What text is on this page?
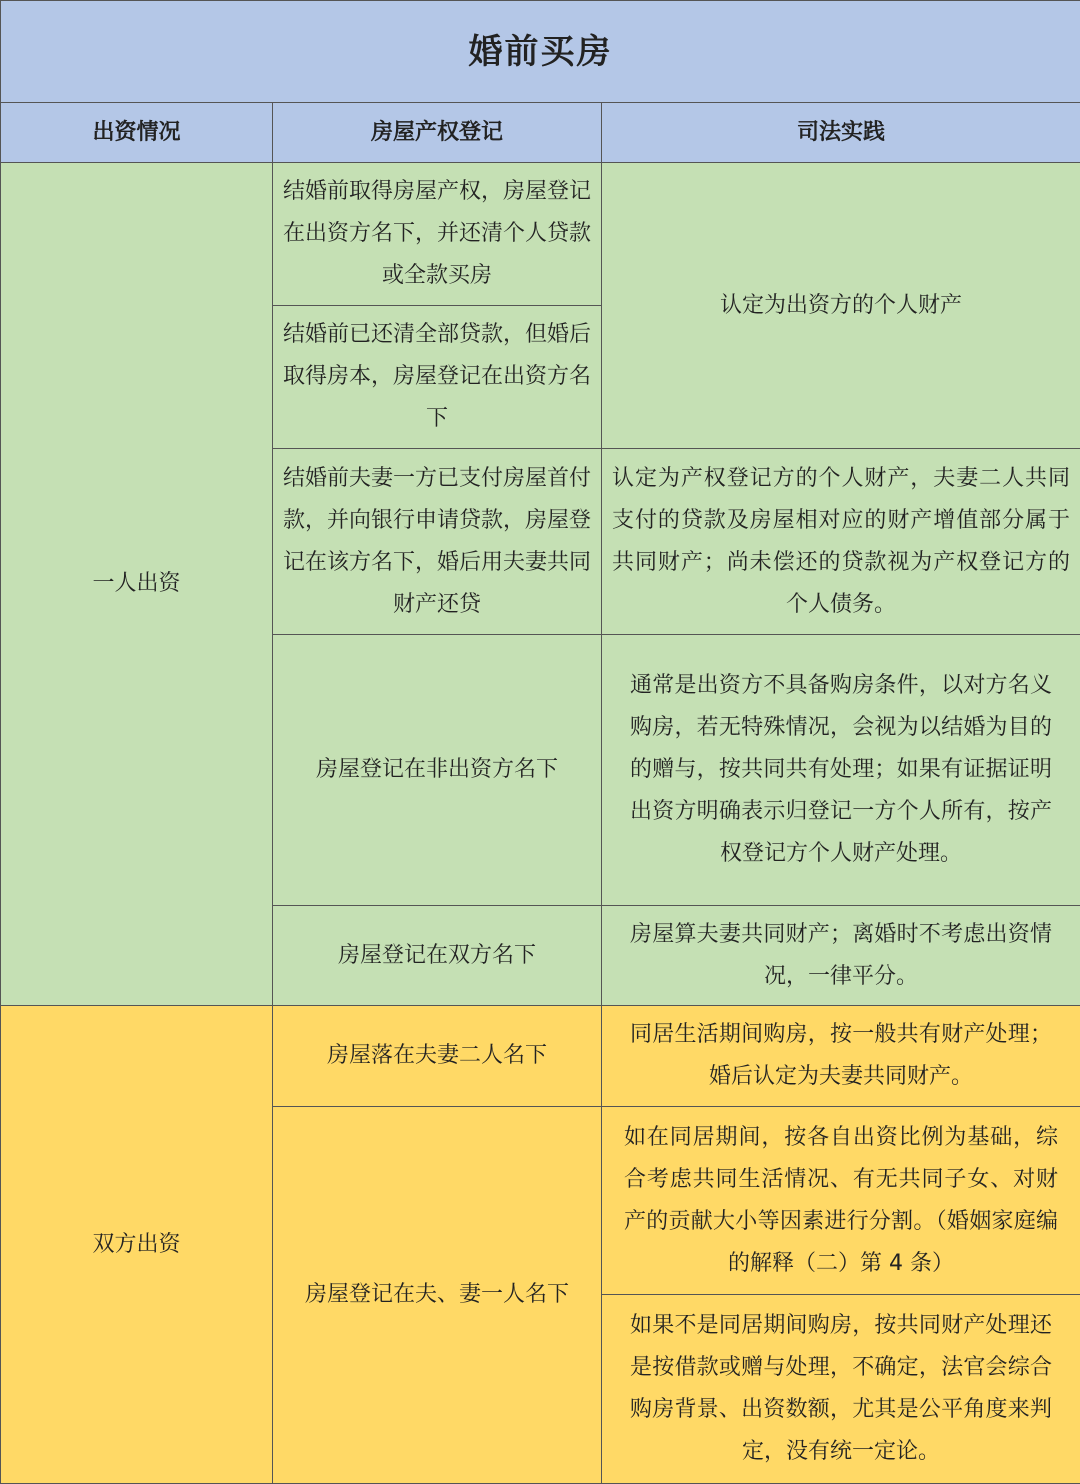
婚前买房		
出资情况	房屋产权登记	司法实践
一人出资	结婚前取得房屋产权，房屋登记在出资方名下，并还清个人贷款或全款买房	认定为出资方的个人财产
	结婚前已还清全部贷款，但婚后取得房本，房屋登记在出资方名下	
	结婚前夫妻一方已支付房屋首付款，并向银行申请贷款，房屋登记在该方名下，婚后用夫妻共同财产还贷	认定为产权登记方的个人财产，夫妻二人共同支付的贷款及房屋相对应的财产增值部分属于共同财产；尚未偿还的贷款视为产权登记方的个人债务。
	房屋登记在非出资方名下	通常是出资方不具备购房条件，以对方名义购房，若无特殊情况，会视为以结婚为目的的赠与，按共同共有处理；如果有证据证明出资方明确表示归登记一方个人所有，按产权登记方个人财产处理。
	房屋登记在双方名下	房屋算夫妻共同财产；离婚时不考虑出资情况，一律平分。
双方出资	房屋落在夫妻二人名下	同居生活期间购房，按一般共有财产处理；婚后认定为夫妻共同财产。
	房屋登记在夫、妻一人名下	如在同居期间，按各自出资比例为基础，综合考虑共同生活情况、有无共同子女、对财产的贡献大小等因素进行分割。（婚姻家庭编的解释（二）第 4 条）
		如果不是同居期间购房，按共同财产处理还是按借款或赠与处理，不确定，法官会综合购房背景、出资数额，尤其是公平角度来判定，没有统一定论。
